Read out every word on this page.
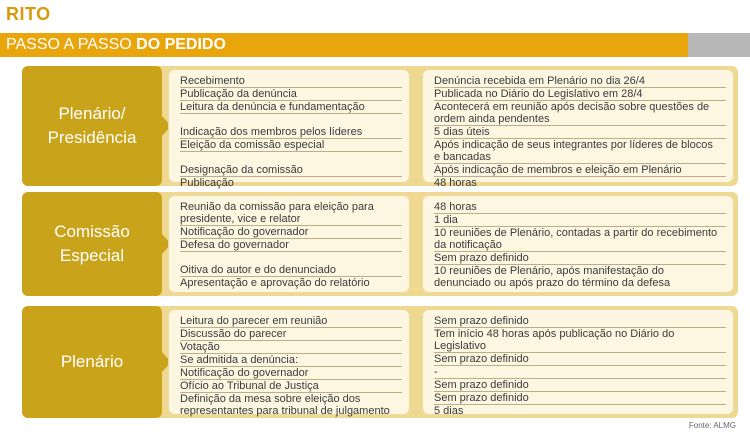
RITO
PASSO A PASSO DO PEDIDO
Plenário/
Presidência
Recebimento
Publicação da denúncia
Leitura da denúncia e fundamentação
Indicação dos membros pelos líderes
Eleição da comissão especial
Designação da comissão
Publicação
Denúncia recebida em Plenário no dia 26/4
Publicada no Diário do Legislativo em 28/4
Acontecerá em reunião após decisão sobre questões de
ordem ainda pendentes
5 dias úteis
Após indicação de seus integrantes por líderes de blocos
e bancadas
Após indicação de membros e eleição em Plenário
48 horas
Comissão
Especial
Reunião da comissão para eleição para
presidente, vice e relator
Notificação do governador
Defesa do governador
Oitiva do autor e do denunciado
Apresentação e aprovação do relatório
48 horas

1 dia
10 reuniões de Plenário, contadas a partir do recebimento
da notificação
Sem prazo definido
10 reuniões de Plenário, após manifestação do
denunciado ou após prazo do término da defesa
Plenário
Leitura do parecer em reunião
Discussão do parecer
Votação
Se admitida a denúncia:
Notificação do governador
Ofício ao Tribunal de Justiça
Definição da mesa sobre eleição dos
representantes para tribunal de julgamento
Sem prazo definido
Tem início 48 horas após publicação no Diário do Legislativo
Sem prazo definido
-
Sem prazo definido
Sem prazo definido
5 dias
Fonte: ALMG
